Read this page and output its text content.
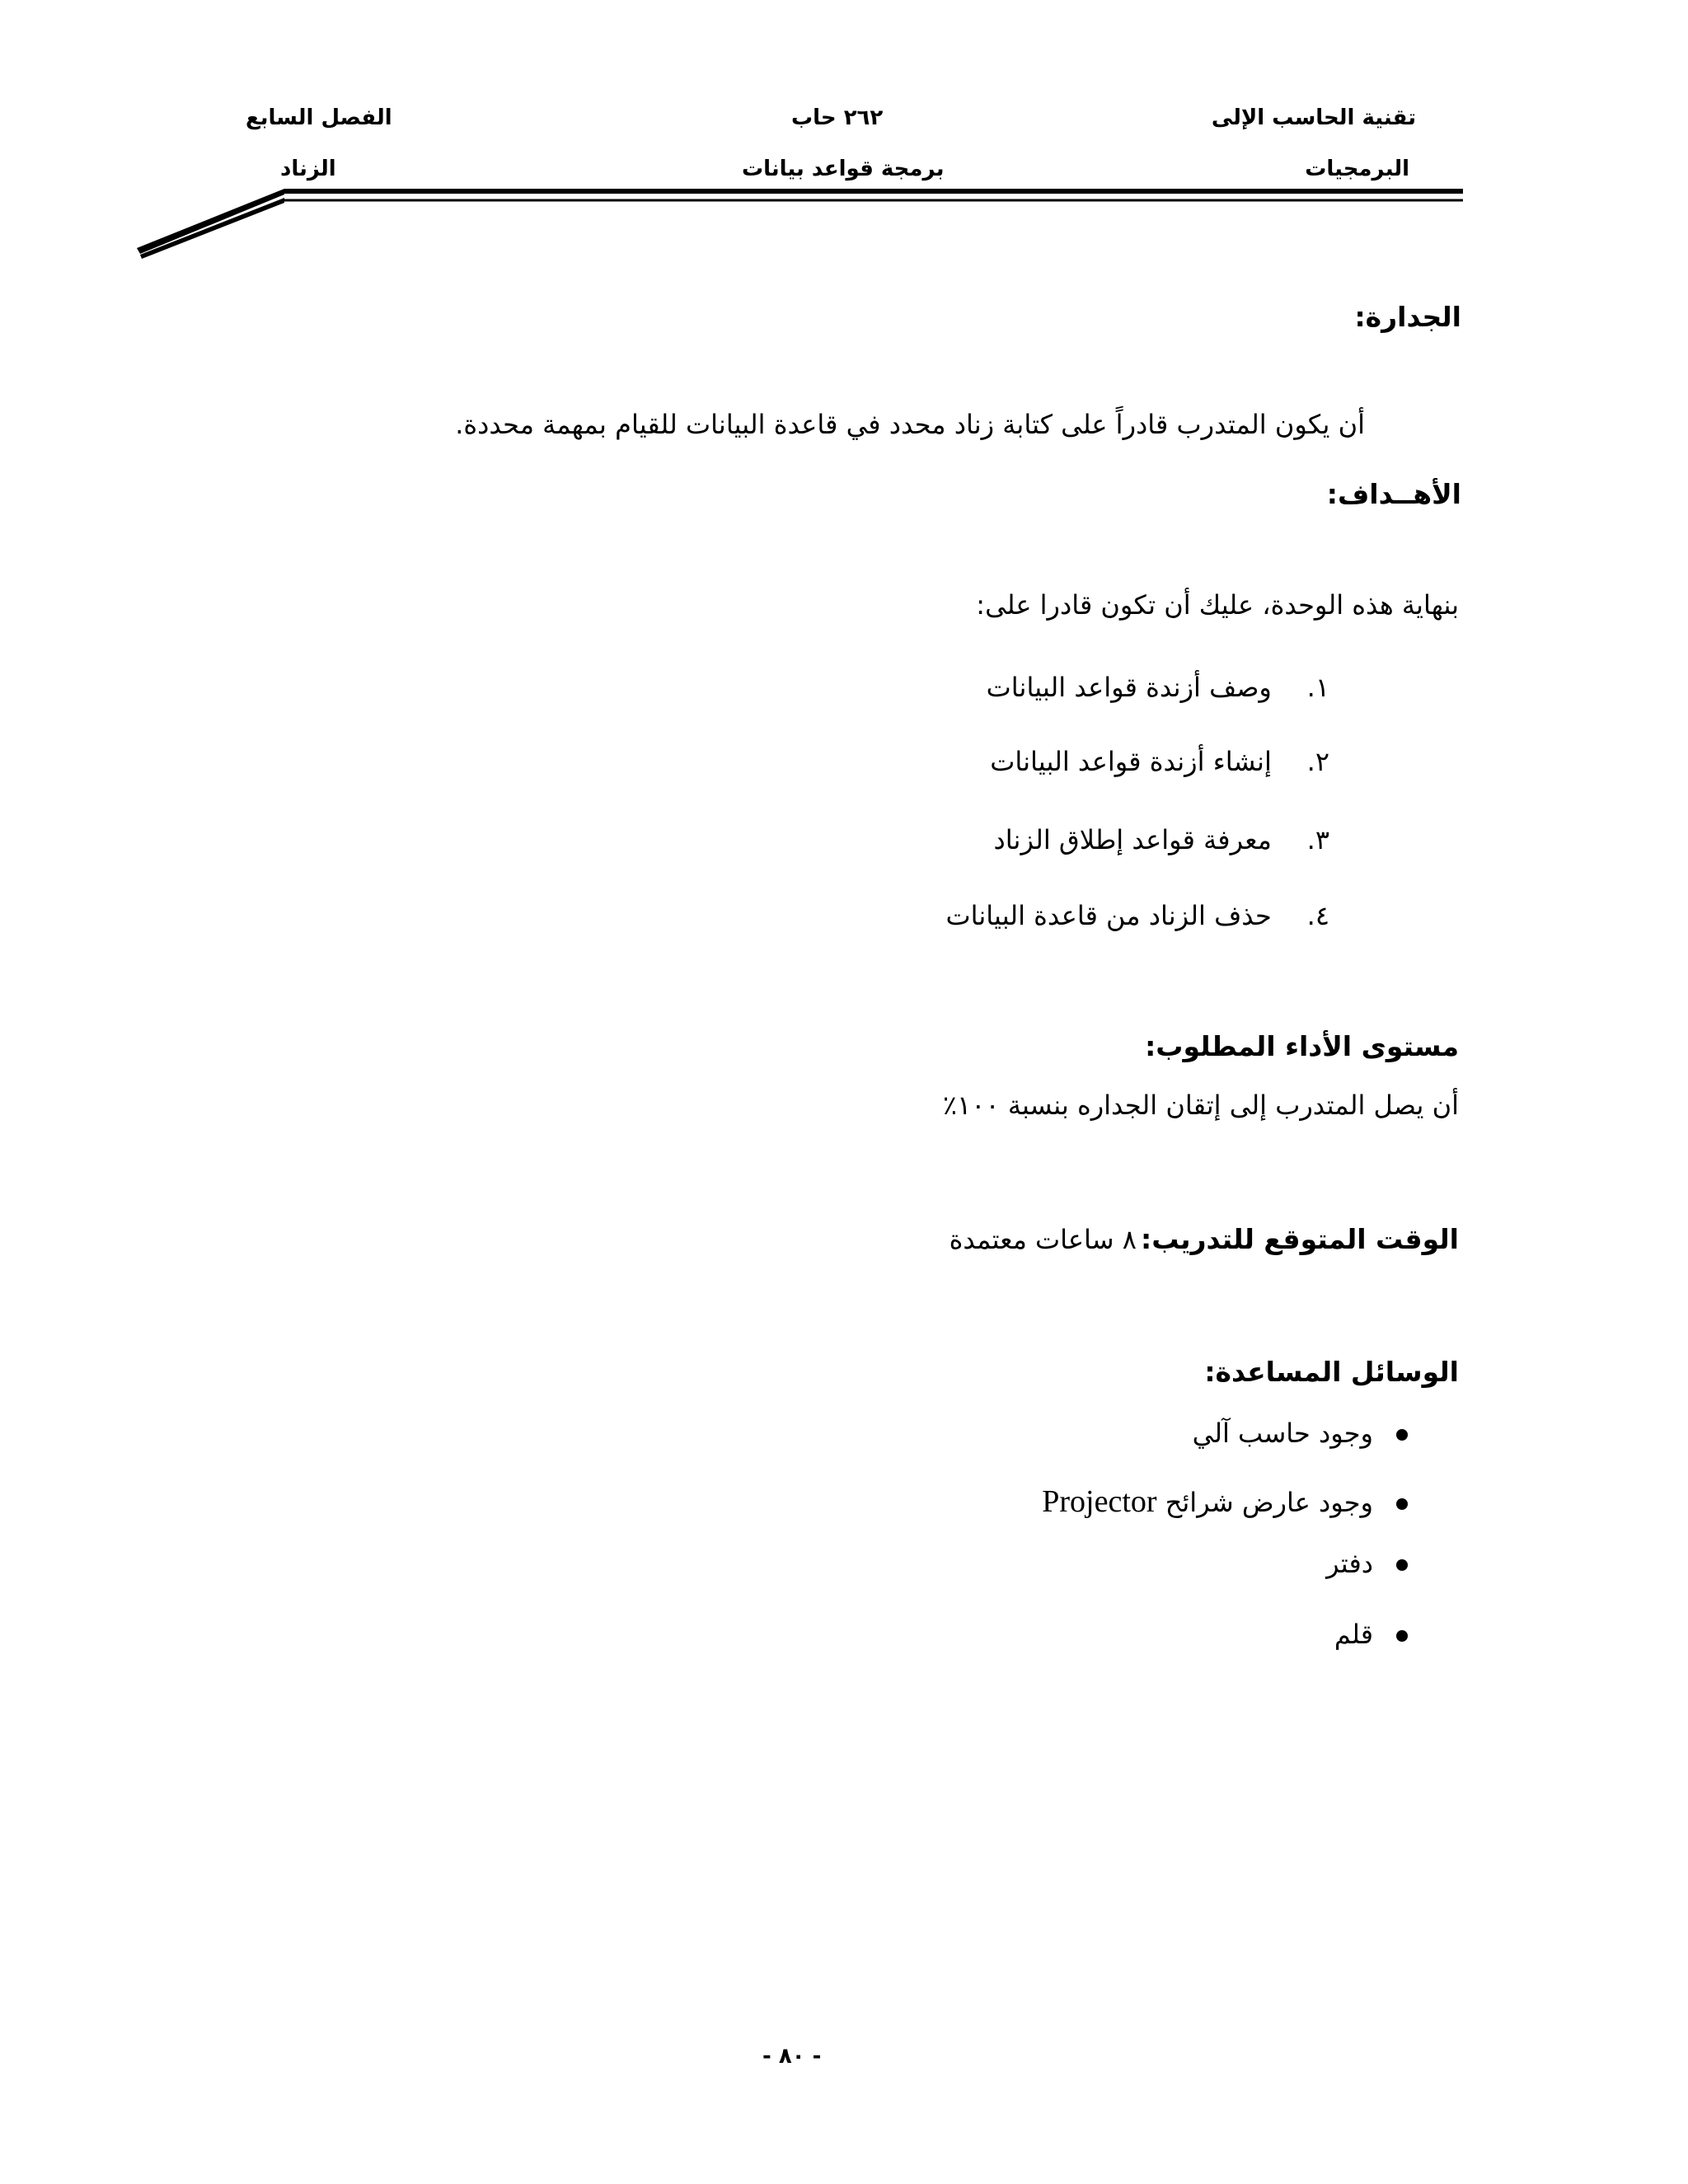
تقنية الحاسب الإلى
البرمجيات
٢٦٢ حاب
برمجة قواعد بيانات
الفصل السابع
الزناد
الجدارة:
أن يكون المتدرب قادراً على كتابة زناد محدد في قاعدة البيانات للقيام بمهمة محددة.
الأهــداف:
بنهاية هذه الوحدة، عليك أن تكون قادرا على:
١. وصف أزندة قواعد البيانات
٢. إنشاء أزندة قواعد البيانات
٣. معرفة قواعد إطلاق الزناد
٤. حذف الزناد من قاعدة البيانات
مستوى الأداء المطلوب:
أن يصل المتدرب إلى إتقان الجداره بنسبة ١٠٠٪
الوقت المتوقع للتدريب: ٨ ساعات معتمدة
الوسائل المساعدة:
وجود حاسب آلي
وجود عارض شرائح Projector
دفتر
قلم
- ٨٠ -
